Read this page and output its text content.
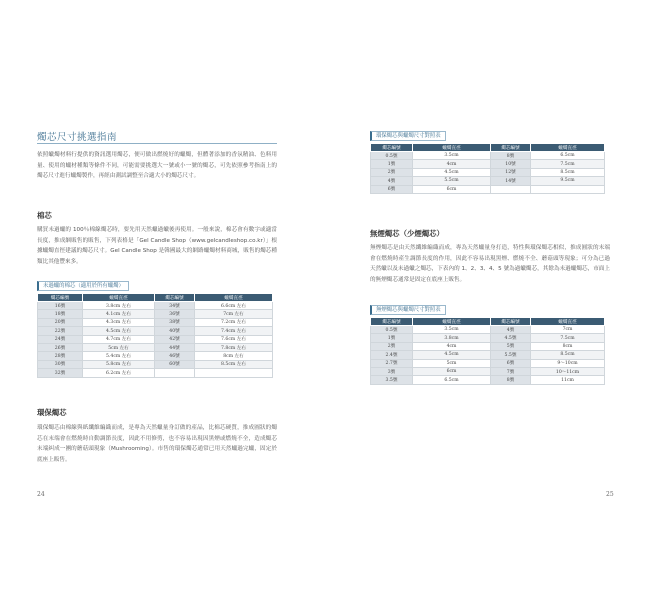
燭芯尺寸挑選指南

依照蠟燭材料行提供的資訊選用燭芯，便可做出燃燒好的蠟燭，但體著添加的香氛精油、色料用量、使用的蠟材種類等條件不同，可能需要挑選大一號或小一號的燭芯，可先依照參考指南上的燭芯尺寸進行蠟燭製作，再經由測試調整至合適大小的燭芯尺寸。

棉芯

購買未過蠟的 100％棉線燭芯時，要先用天然蠟過蠟後再使用。一般來說，棉芯會有數字或適當長度，推成綑販售的販售，下列表格是「Gel Candle Shop（www.gelcandleshop.co.kr）」根據蠟燭直徑建議的燭芯尺寸。Gel Candle Shop 是韓國最大的網路蠟燭材料商城，販售的燭芯種類比其他豐來多。

未過蠟的棉芯（適用於所有蠟燭）
燭芯編號	蠟燭直徑	燭芯編號	蠟燭直徑
16號	3.8cm 左右	34號	6.6cm 左右
18號	4.1cm 左右	36號	7cm 左右
20號	4.3cm 左右	38號	7.2cm 左右
22號	4.5cm 左右	40號	7.4cm 左右
24號	4.7cm 左右	42號	7.6cm 左右
26號	5cm 左右	44號	7.8cm 左右
28號	5.4cm 左右	46號	8cm 左右
30號	5.8cm 左右	60號	8.5cm 左右
32號	6.2cm 左右		
環保燭芯

環保燭芯由棉線與紙纖維編織而成，是專為天然蠟量身訂做的產品，比棉芯硬質，推成圓狀的燭芯在末端會在燃燒時自動調節長度，因此不用修剪，也不容易出現因黑煙或燃燒不全，造成燭芯末端糾成一團的蘑菇頭現象（Mushrooming）。市售的環保燭芯通常已用天然蠟過完蠟，固定於底座上販售。

24
環保燭芯與蠟燭尺寸對照表
燭芯編號	蠟燭直徑	燭芯編號	蠟燭直徑
0.5號	3.5cm	8號	6.5cm
1號	4cm	10號	7.5cm
2號	4.5cm	12號	8.5cm
4號	5.5cm	14號	9.5cm
6號	6cm		
無煙燭芯（少煙燭芯）

無煙燭芯是由天然纖維編織而成，專為天然蠟量身打造，特性與環保燭芯相似，推成圓狀的末端會在燃燒時產生調節長度的作用，因此不容易出現黑煙、燃燒不全、蘑菇頭等現象；可分為已過天然蠟以及未過蠟之燭芯，下表內的 1、2、3、4、5 號為過蠟燭芯，其餘為未過蠟燭芯，市面上的無煙燭芯通常是固定在底座上販售。

無煙燭芯與蠟燭尺寸對照表
燭芯編號	蠟燭直徑	燭芯編號	蠟燭直徑
0.5號	3.5cm	4號	7cm
1號	3.8cm	4.5號	7.5cm
2號	4cm	5號	8cm
2.4號	4.5cm	5.5號	8.5cm
2.7號	5cm	6號	9～10cm
3號	6cm	7號	10～11cm
3.5號	6.5cm	8號	11cm
25
